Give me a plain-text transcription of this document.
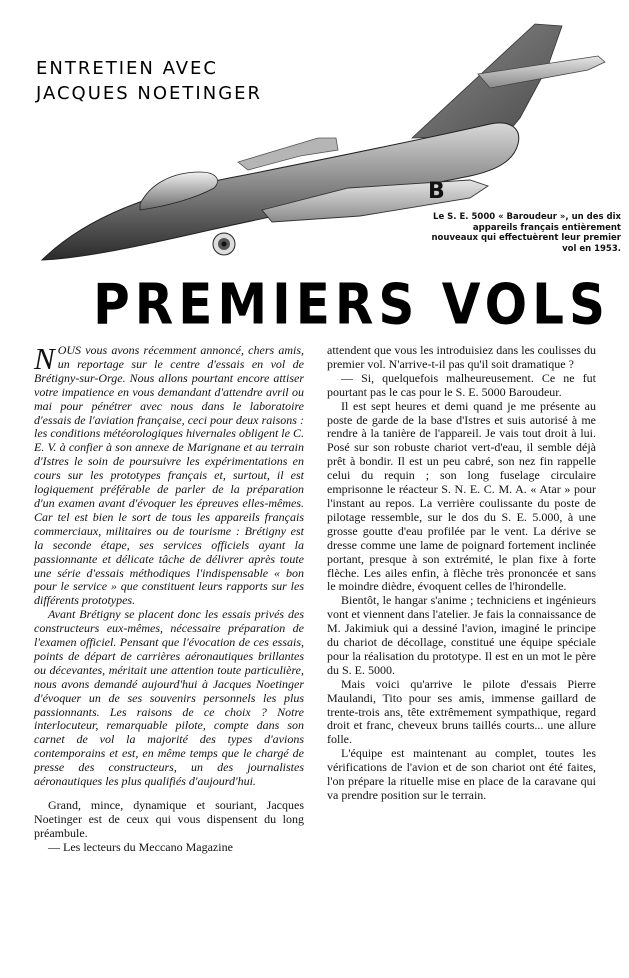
ENTRETIEN AVEC
JACQUES NOETINGER
B
Le S. E. 5000 « Baroudeur », un des dix appareils français entièrement nouveaux qui effectuèrent leur premier vol en 1953.
PREMIERS VOLS

NOUS vous avons récemment annoncé, chers amis, un reportage sur le centre d'essais en vol de Brétigny-sur-Orge. Nous allons pourtant encore attiser votre impatience en vous demandant d'attendre avril ou mai pour pénétrer avec nous dans le laboratoire d'essais de l'aviation française, ceci pour deux raisons : les conditions météorologiques hivernales obligent le C. E. V. à confier à son annexe de Marignane et au terrain d'Istres le soin de poursuivre les expérimentations en cours sur les prototypes français et, surtout, il est logiquement préférable de parler de la préparation d'un examen avant d'évoquer les épreuves elles-mêmes. Car tel est bien le sort de tous les appareils français commerciaux, militaires ou de tourisme : Brétigny est la seconde étape, ses services officiels ayant la passionnante et délicate tâche de délivrer après toute une série d'essais méthodiques l'indispensable « bon pour le service » que constituent leurs rapports sur les différents prototypes.

Avant Brétigny se placent donc les essais privés des constructeurs eux-mêmes, nécessaire préparation de l'examen officiel. Pensant que l'évocation de ces essais, points de départ de carrières aéronautiques brillantes ou décevantes, méritait une attention toute particulière, nous avons demandé aujourd'hui à Jacques Noetinger d'évoquer un de ses souvenirs personnels les plus passionnants. Les raisons de ce choix ? Notre interlocuteur, remarquable pilote, compte dans son carnet de vol la majorité des types d'avions contemporains et est, en même temps que le chargé de presse des constructeurs, un des journalistes aéronautiques les plus qualifiés d'aujourd'hui.

Grand, mince, dynamique et souriant, Jacques Noetinger est de ceux qui vous dispensent du long préambule.

— Les lecteurs du Meccano Magazine

attendent que vous les introduisiez dans les coulisses du premier vol. N'arrive-t-il pas qu'il soit dramatique ?

— Si, quelquefois malheureusement. Ce ne fut pourtant pas le cas pour le S. E. 5000 Baroudeur.

Il est sept heures et demi quand je me présente au poste de garde de la base d'Istres et suis autorisé à me rendre à la tanière de l'appareil. Je vais tout droit à lui. Posé sur son robuste chariot vert-d'eau, il semble déjà prêt à bondir. Il est un peu cabré, son nez fin rappelle celui du requin ; son long fuselage circulaire emprisonne le réacteur S. N. E. C. M. A. « Atar » pour l'instant au repos. La verrière coulissante du poste de pilotage ressemble, sur le dos du S. E. 5.000, à une grosse goutte d'eau profilée par le vent. La dérive se dresse comme une lame de poignard fortement inclinée portant, presque à son extrémité, le plan fixe à forte flèche. Les ailes enfin, à flèche très prononcée et sans le moindre dièdre, évoquent celles de l'hirondelle.

Bientôt, le hangar s'anime ; techniciens et ingénieurs vont et viennent dans l'atelier. Je fais la connaissance de M. Jakimiuk qui a dessiné l'avion, imaginé le principe du chariot de décollage, constitué une équipe spéciale pour la réalisation du prototype. Il est en un mot le père du S. E. 5000.

Mais voici qu'arrive le pilote d'essais Pierre Maulandi, Tito pour ses amis, immense gaillard de trente-trois ans, tête extrêmement sympathique, regard droit et franc, cheveux bruns taillés courts... une allure folle.

L'équipe est maintenant au complet, toutes les vérifications de l'avion et de son chariot ont été faites, l'on prépare la rituelle mise en place de la caravane qui va prendre position sur le terrain.
